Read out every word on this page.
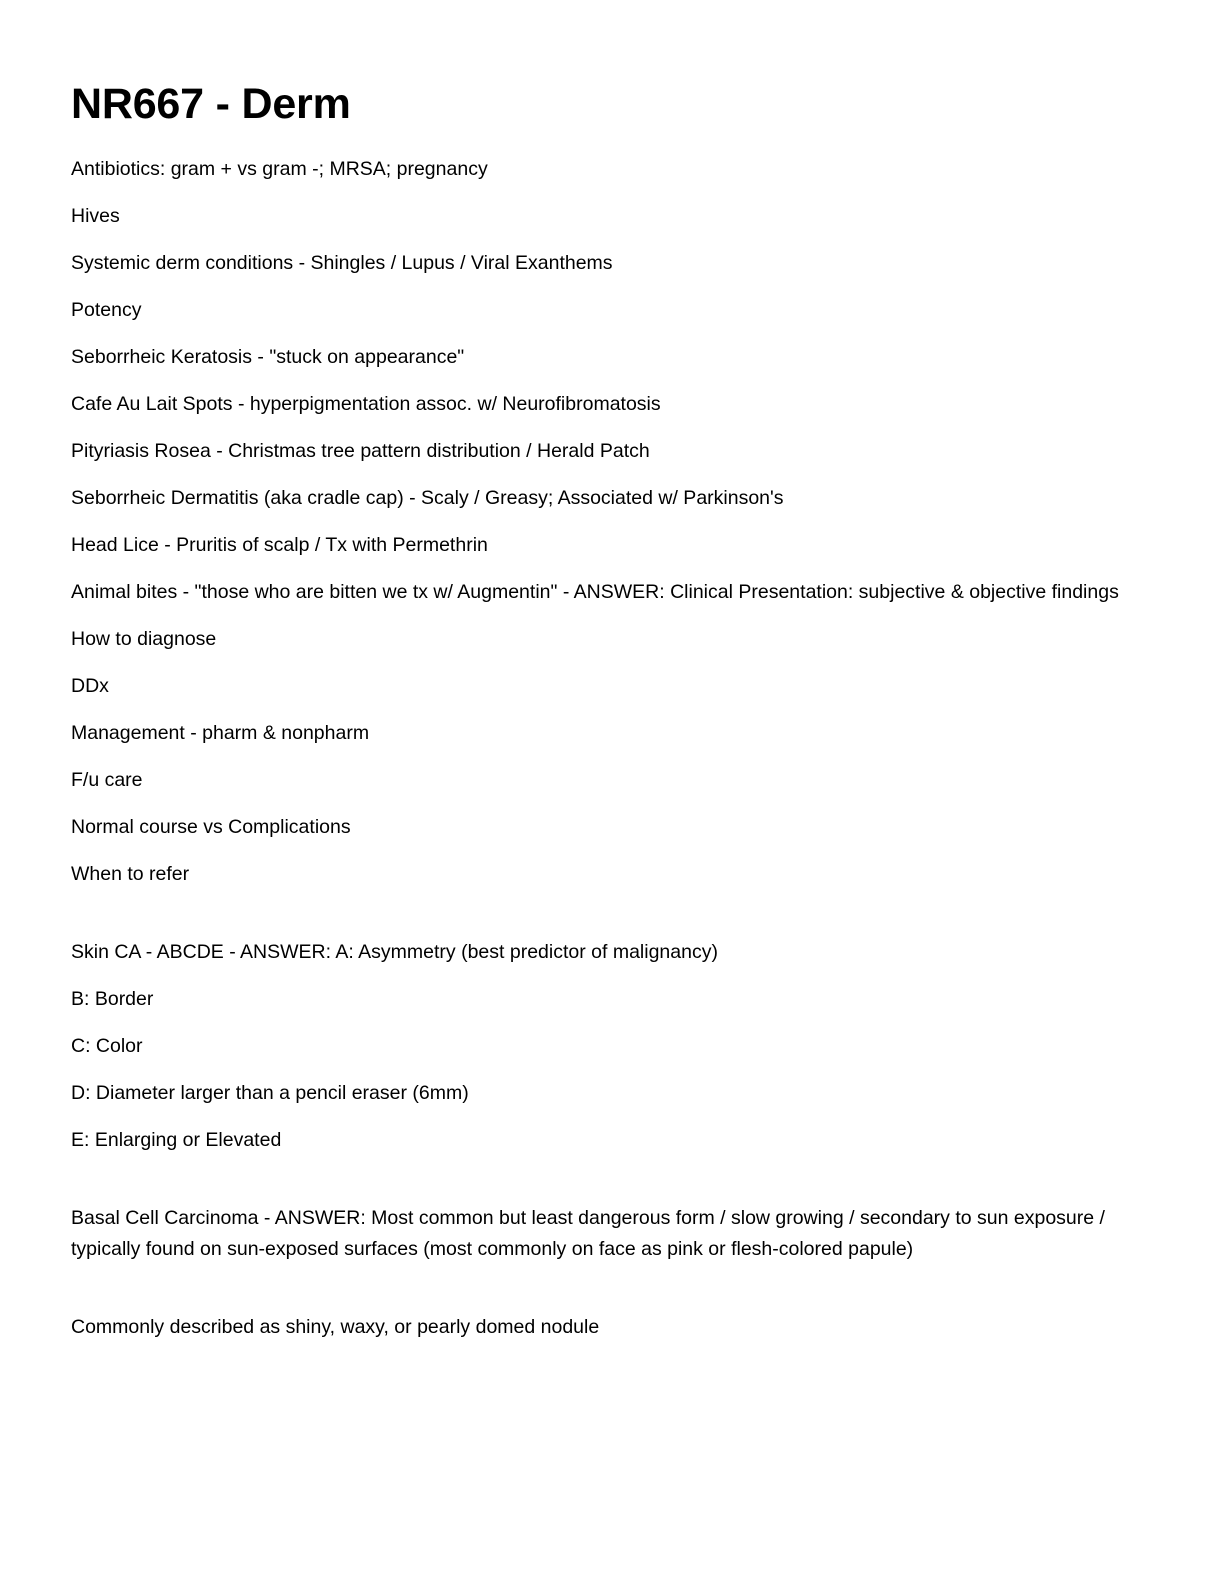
NR667 - Derm

Antibiotics: gram + vs gram -; MRSA; pregnancy

Hives

Systemic derm conditions - Shingles / Lupus / Viral Exanthems

Potency

Seborrheic Keratosis - "stuck on appearance"

Cafe Au Lait Spots - hyperpigmentation assoc. w/ Neurofibromatosis

Pityriasis Rosea - Christmas tree pattern distribution / Herald Patch

Seborrheic Dermatitis (aka cradle cap) - Scaly / Greasy; Associated w/ Parkinson's

Head Lice - Pruritis of scalp / Tx with Permethrin

Animal bites - "those who are bitten we tx w/ Augmentin" - ANSWER: Clinical Presentation: subjective & objective findings

How to diagnose

DDx

Management - pharm & nonpharm

F/u care

Normal course vs Complications

When to refer

Skin CA - ABCDE - ANSWER: A: Asymmetry (best predictor of malignancy)

B: Border

C: Color

D: Diameter larger than a pencil eraser (6mm)

E: Enlarging or Elevated

Basal Cell Carcinoma - ANSWER: Most common but least dangerous form / slow growing / secondary to sun exposure / typically found on sun-exposed surfaces (most commonly on face as pink or flesh-colored papule)

Commonly described as shiny, waxy, or pearly domed nodule
